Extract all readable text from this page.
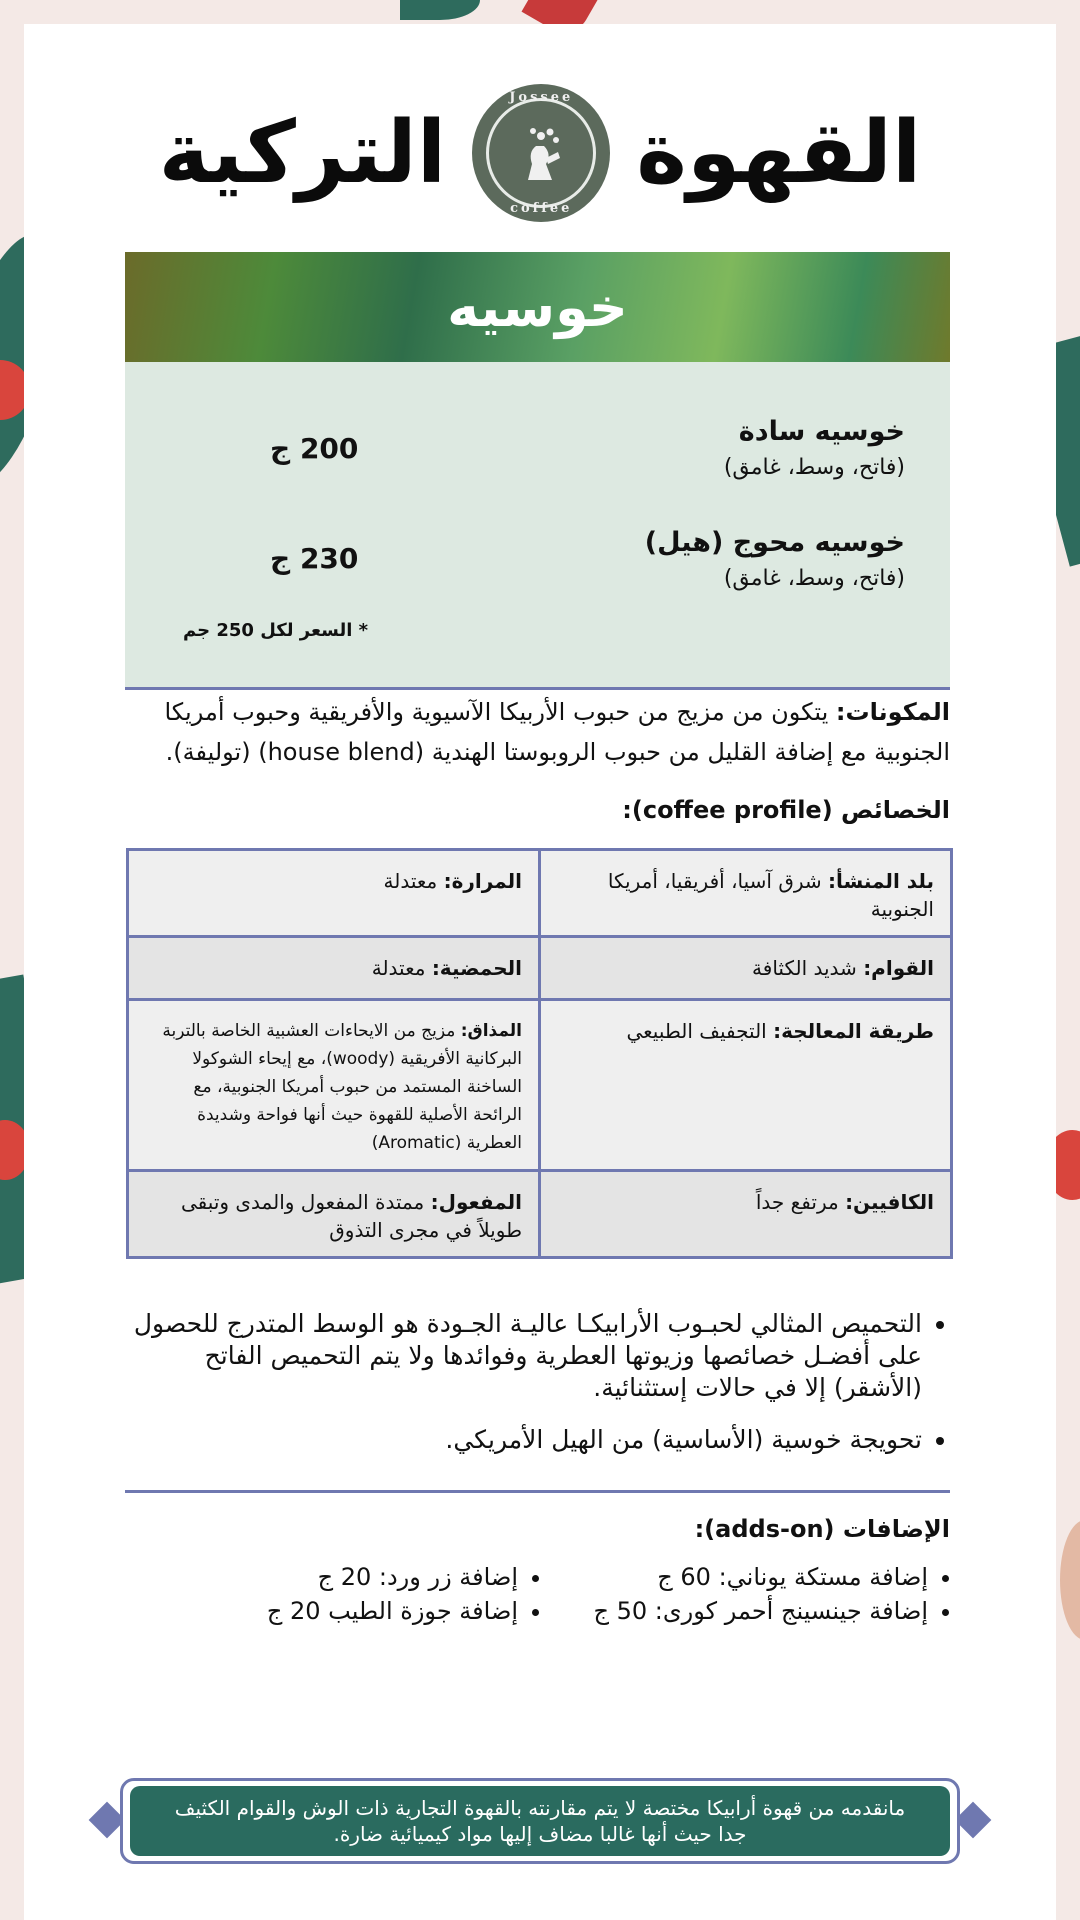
القهوة
Jossee
coffee
التركية
خوسيه
خوسيه سادة
(فاتح، وسط، غامق)
200 ج
خوسيه محوج (هيل)
(فاتح، وسط، غامق)
230 ج
* السعر لكل 250 جم
المكونات: يتكون من مزيج من حبوب الأربيكا الآسيوية والأفريقية وحبوب أمريكا الجنوبية مع إضافة القليل من حبوب الروبوستا الهندية (house blend) (توليفة).
الخصائص (coffee profile):
بلد المنشأ: شرق آسيا، أفريقيا، أمريكا الجنوبية	المرارة: معتدلة
القوام: شديد الكثافة	الحمضية: معتدلة
طريقة المعالجة: التجفيف الطبيعي	المذاق: مزيج من الايحاءات العشبية الخاصة بالتربة البركانية الأفريقية (woody)، مع إيحاء الشوكولا الساخنة المستمد من حبوب أمريكا الجنوبية، مع الرائحة الأصلية للقهوة حيث أنها فواحة وشديدة العطرية (Aromatic)
الكافيين: مرتفع جداً	المفعول: ممتدة المفعول والمدى وتبقى طويلاً في مجرى التذوق
• التحميص المثالي لحبـوب الأرابيكـا عاليـة الجـودة هو الوسط المتدرج للحصول على أفضـل خصائصها وزيوتها العطرية وفوائدها ولا يتم التحميص الفاتح (الأشقر) إلا في حالات إستثنائية.
• تحويجة خوسية (الأساسية) من الهيل الأمريكي.
الإضافات (adds-on):
• إضافة مستكة يوناني: 60 ج
• إضافة جينسينج أحمر كورى: 50 ج
• إضافة زر ورد: 20 ج
• إضافة جوزة الطيب 20 ج
مانقدمه من قهوة أرابيكا مختصة لا يتم مقارنته بالقهوة التجارية ذات الوش والقوام الكثيف جدا حيث أنها غالبا مضاف إليها مواد كيميائية ضارة.
